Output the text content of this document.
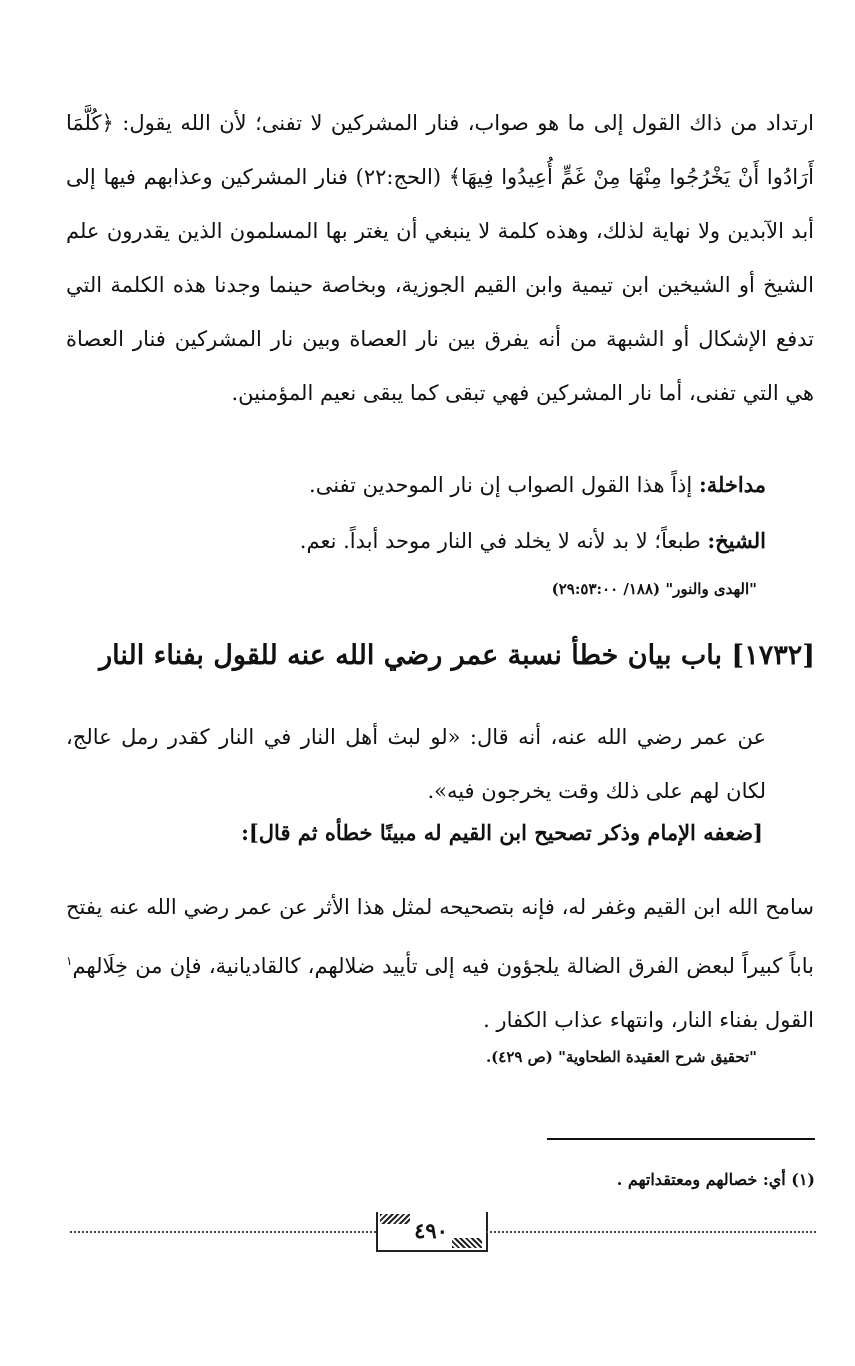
ارتداد من ذاك القول إلى ما هو صواب، فنار المشركين لا تفنى؛ لأن الله يقول: ﴿كُلَّمَا أَرَادُوا أَنْ يَخْرُجُوا مِنْهَا مِنْ غَمٍّ أُعِيدُوا فِيهَا﴾ (الحج:٢٢) فنار المشركين وعذابهم فيها إلى أبد الآبدين ولا نهاية لذلك، وهذه كلمة لا ينبغي أن يغتر بها المسلمون الذين يقدرون علم الشيخ أو الشيخين ابن تيمية وابن القيم الجوزية، وبخاصة حينما وجدنا هذه الكلمة التي تدفع الإشكال أو الشبهة من أنه يفرق بين نار العصاة وبين نار المشركين فنار العصاة هي التي تفنى، أما نار المشركين فهي تبقى كما يبقى نعيم المؤمنين.
مداخلة: إذاً هذا القول الصواب إن نار الموحدين تفنى.
الشيخ: طبعاً؛ لا بد لأنه لا يخلد في النار موحد أبداً. نعم.
"الهدى والنور" (١٨٨/ ٢٩:٥٣:٠٠)
[١٧٣٢] باب بيان خطأ نسبة عمر رضي الله عنه للقول بفناء النار
عن عمر رضي الله عنه، أنه قال: «لو لبث أهل النار في النار كقدر رمل عالج، لكان لهم على ذلك وقت يخرجون فيه».
[ضعفه الإمام وذكر تصحيح ابن القيم له مبينًا خطأه ثم قال]:
سامح الله ابن القيم وغفر له، فإنه بتصحيحه لمثل هذا الأثر عن عمر رضي الله عنه يفتح باباً كبيراً لبعض الفرق الضالة يلجؤون فيه إلى تأييد ضلالهم، كالقاديانية، فإن من خِلَالهم$^١$ القول بفناء النار، وانتهاء عذاب الكفار .
"تحقيق شرح العقيدة الطحاوية" (ص ٤٢٩).
(١) أي: خصالهم ومعتقداتهم .
٤٩٠
